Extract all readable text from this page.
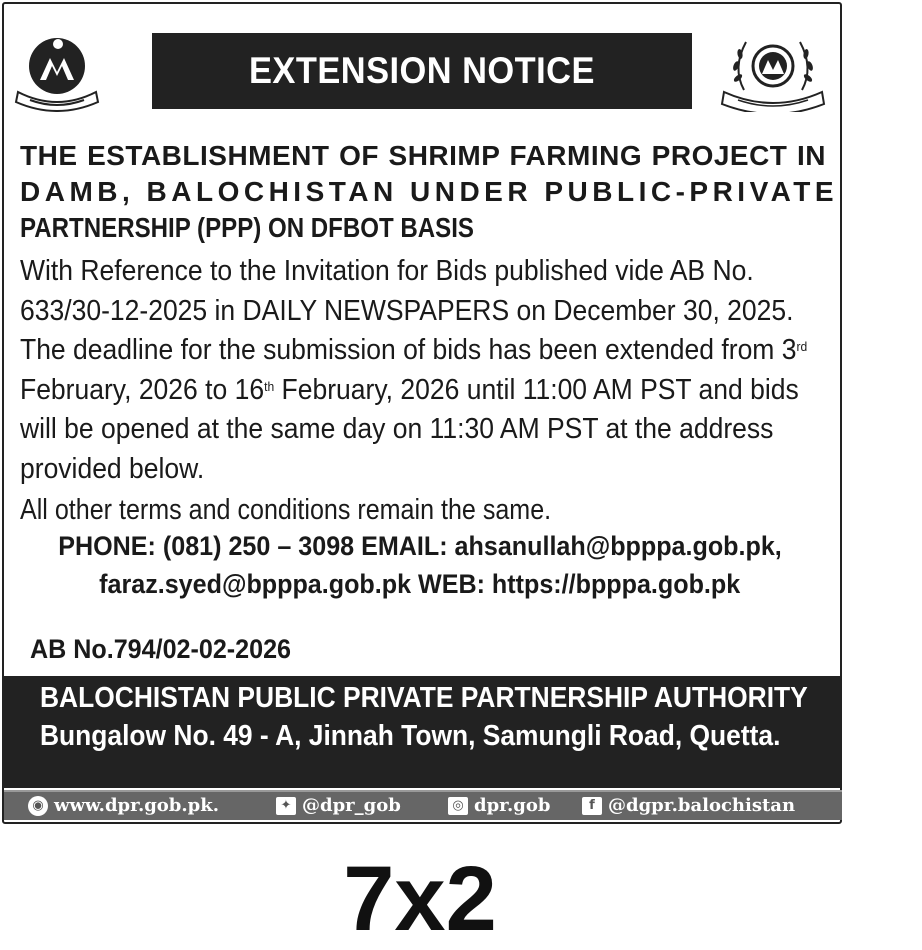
EXTENSION NOTICE
THE ESTABLISHMENT OF SHRIMP FARMING PROJECT IN
DAMB, BALOCHISTAN UNDER PUBLIC-PRIVATE
PARTNERSHIP (PPP) ON DFBOT BASIS
With Reference to the Invitation for Bids published vide AB No.
633/30-12-2025 in DAILY NEWSPAPERS on December 30, 2025.
The deadline for the submission of bids has been extended from 3rd
February, 2026 to 16th February, 2026 until 11:00 AM PST and bids
will be opened at the same day on 11:30 AM PST at the address
provided below.
All other terms and conditions remain the same.
PHONE: (081) 250 – 3098 EMAIL: ahsanullah@bpppa.gob.pk,
faraz.syed@bpppa.gob.pk WEB: https://bpppa.gob.pk
AB No.794/02-02-2026
BALOCHISTAN PUBLIC PRIVATE PARTNERSHIP AUTHORITY
Bungalow No. 49 - A, Jinnah Town, Samungli Road, Quetta.
◉ www.dpr.gob.pk.	✦ @dpr_gob	◎ dpr.gob	f @dgpr.balochistan
7x2
